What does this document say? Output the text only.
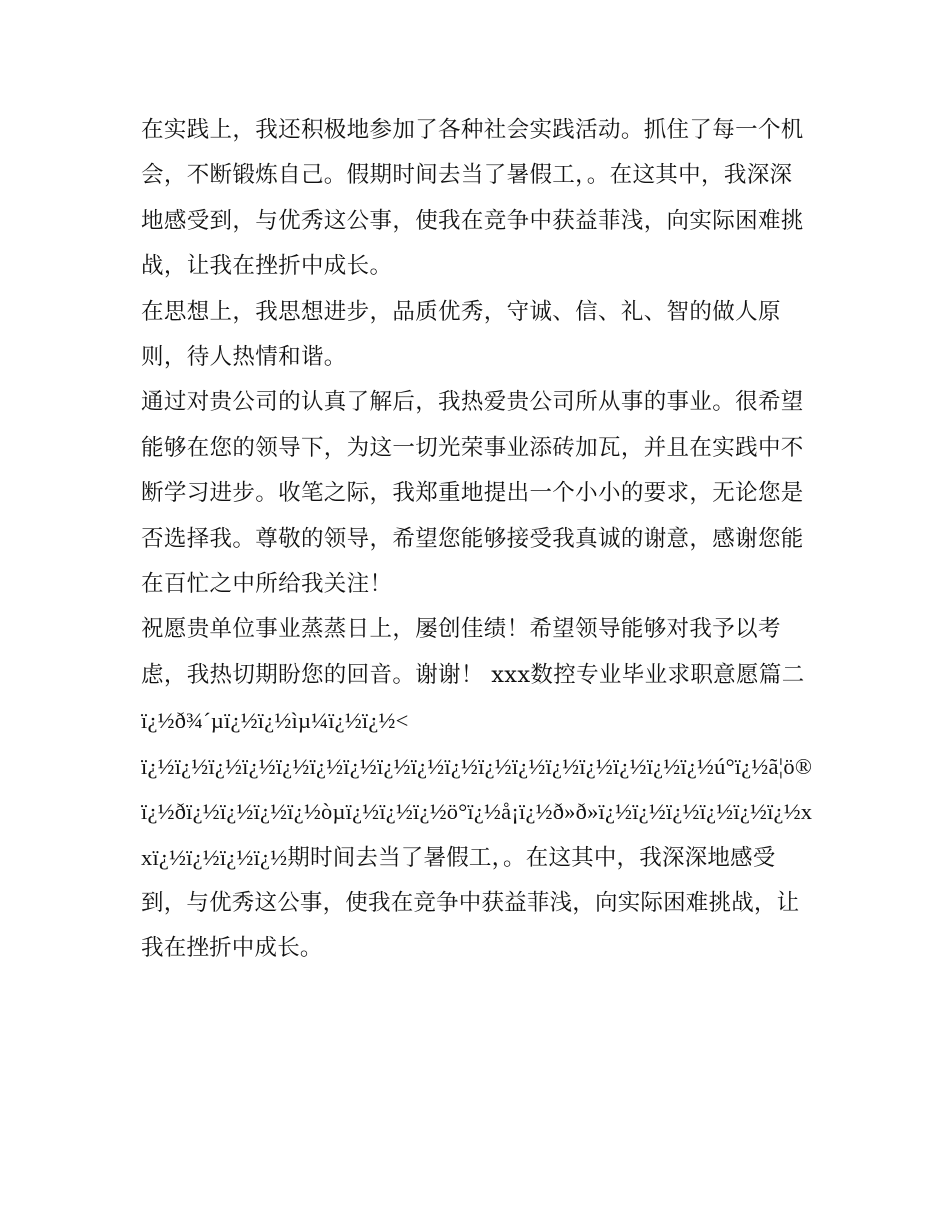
在实践上，我还积极地参加了各种社会实践活动。抓住了每一个机会，不断锻炼自己。假期时间去当了暑假工，。在这其中，我深深地感受到，与优秀这公事，使我在竞争中获益菲浅，向实际困难挑战，让我在挫折中成长。

在思想上，我思想进步，品质优秀，守诚、信、礼、智的做人原则，待人热情和谐。

通过对贵公司的认真了解后，我热爱贵公司所从事的事业。很希望能够在您的领导下，为这一切光荣事业添砖加瓦，并且在实践中不断学习进步。收笔之际，我郑重地提出一个小小的要求，无论您是否选择我。尊敬的领导，希望您能够接受我真诚的谢意，感谢您能在百忙之中所给我关注！

祝愿贵单位事业蒸蒸日上，屡创佳绩！希望领导能够对我予以考虑，我热切期盼您的回音。谢谢！ xxx数控专业毕业求职意愿篇二

ï¿½ð¾´µï¿½ï¿½ìµ¼ï¿½ï¿½<

ï¿½ï¿½ï¿½ï¿½ï¿½ï¿½ï¿½ï¿½ï¿½ï¿½ï¿½ï¿½ï¿½ï¿½ï¿½ï¿½ï¿½ú°ï¿½ã¦ö®ï¿½ðï¿½ï¿½ï¿½ï¿½òµï¿½ï¿½ï¿½ö°ï¿½å¡ï¿½ð»ð»ï¿½ï¿½ï¿½ï¿½ï¿½ï¿½xxï¿½ï¿½ï¿½ï¿½期时间去当了暑假工，。在这其中，我深深地感受到，与优秀这公事，使我在竞争中获益菲浅，向实际困难挑战，让我在挫折中成长。
